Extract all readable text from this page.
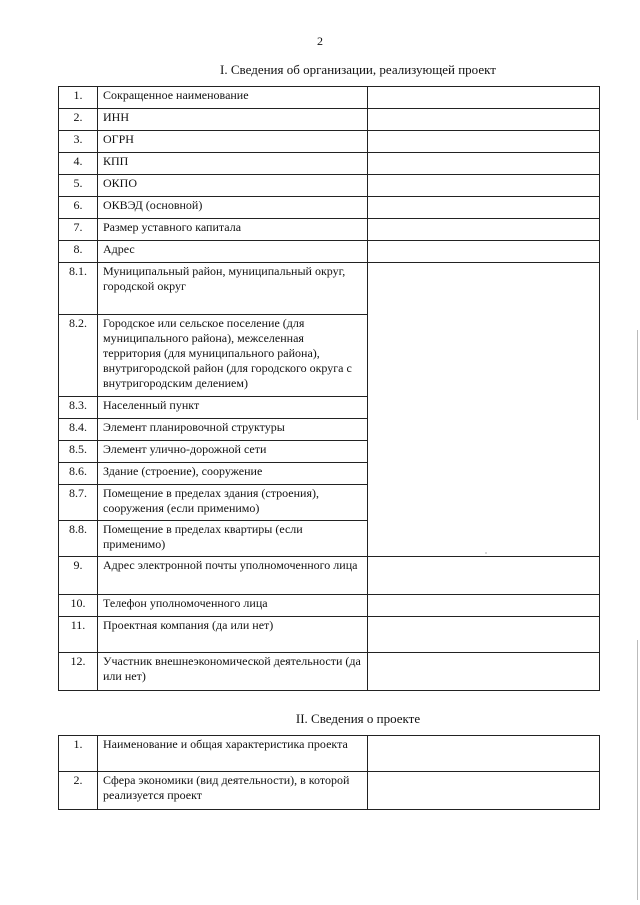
2
I. Сведения об организации, реализующей проект
1.	Сокращенное наименование	
2.	ИНН	
3.	ОГРН	
4.	КПП	
5.	ОКПО	
6.	ОКВЭД (основной)	
7.	Размер уставного капитала	
8.	Адрес	
8.1.	Муниципальный район, муниципальный округ, городской округ	
8.2.	Городское или сельское поселение (для муниципального района), межселенная территория (для муниципального района), внутригородской район (для городского округа с внутригородским делением)	
8.3.	Населенный пункт	
8.4.	Элемент планировочной структуры	
8.5.	Элемент улично-дорожной сети	
8.6.	Здание (строение), сооружение	
8.7.	Помещение в пределах здания (строения), сооружения (если применимо)	
8.8.	Помещение в пределах квартиры (если применимо)	
9.	Адрес электронной почты уполномоченного лица	
10.	Телефон уполномоченного лица	
11.	Проектная компания (да или нет)	
12.	Участник внешнеэкономической деятельности (да или нет)	
II. Сведения о проекте
1.	Наименование и общая характеристика проекта	
2.	Сфера экономики (вид деятельности), в которой реализуется проект	
